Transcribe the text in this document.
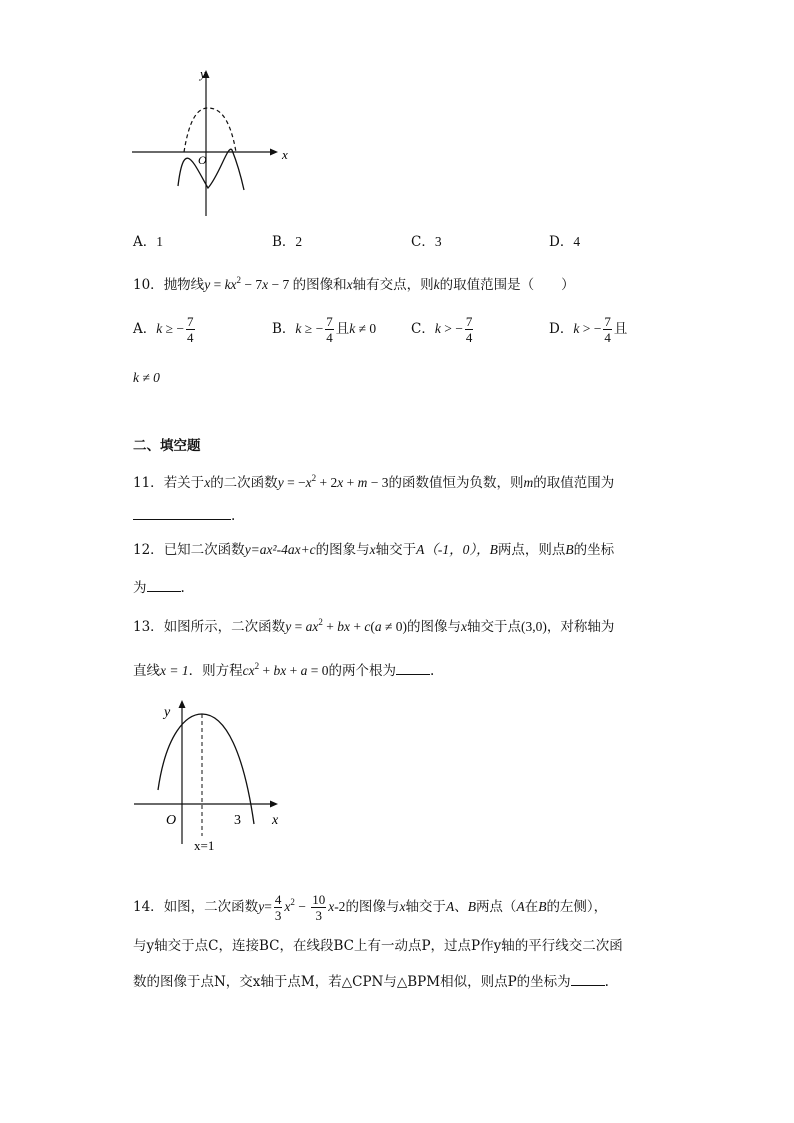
O	x
y
A．1	B．2	C．3	D．4
10．抛物线$y = kx^2 - 7x - 7$ 的图像和x轴有交点，则k的取值范围是（　　）
A．k ≥ − $\frac{7}{4}$	B．k ≥ − $\frac{7}{4}$ 且k ≠ 0	C．k > − $\frac{7}{4}$	D．k > − $\frac{7}{4}$ 且
k ≠ 0
二、填空题
11．若关于x的二次函数$y = -x^2 + 2x + m - 3$的函数值恒为负数，则m的取值范围为
.
12．已知二次函数y=ax²-4ax+c的图象与x轴交于A（-1，0），B两点，则点B的坐标
为	.
13．如图所示，二次函数$y = ax^2$ + bx + c(a ≠ 0)的图像与x轴交于点(3,0)，对称轴为
直线x = 1．则方程$cx^2$ + bx + a = 0的两个根为	.
O	3 x
y
x=1
14．如图，二次函数$y= \frac{4}{3} x^2 - \frac{10}{3} x-2$的图像与x轴交于A、B两点（A在B的左侧），
与y轴交于点C，连接BC，在线段BC上有一动点P，过点P作y轴的平行线交二次函
数的图像于点N，交x轴于点M，若△CPN与△BPM相似，则点P的坐标为	.
